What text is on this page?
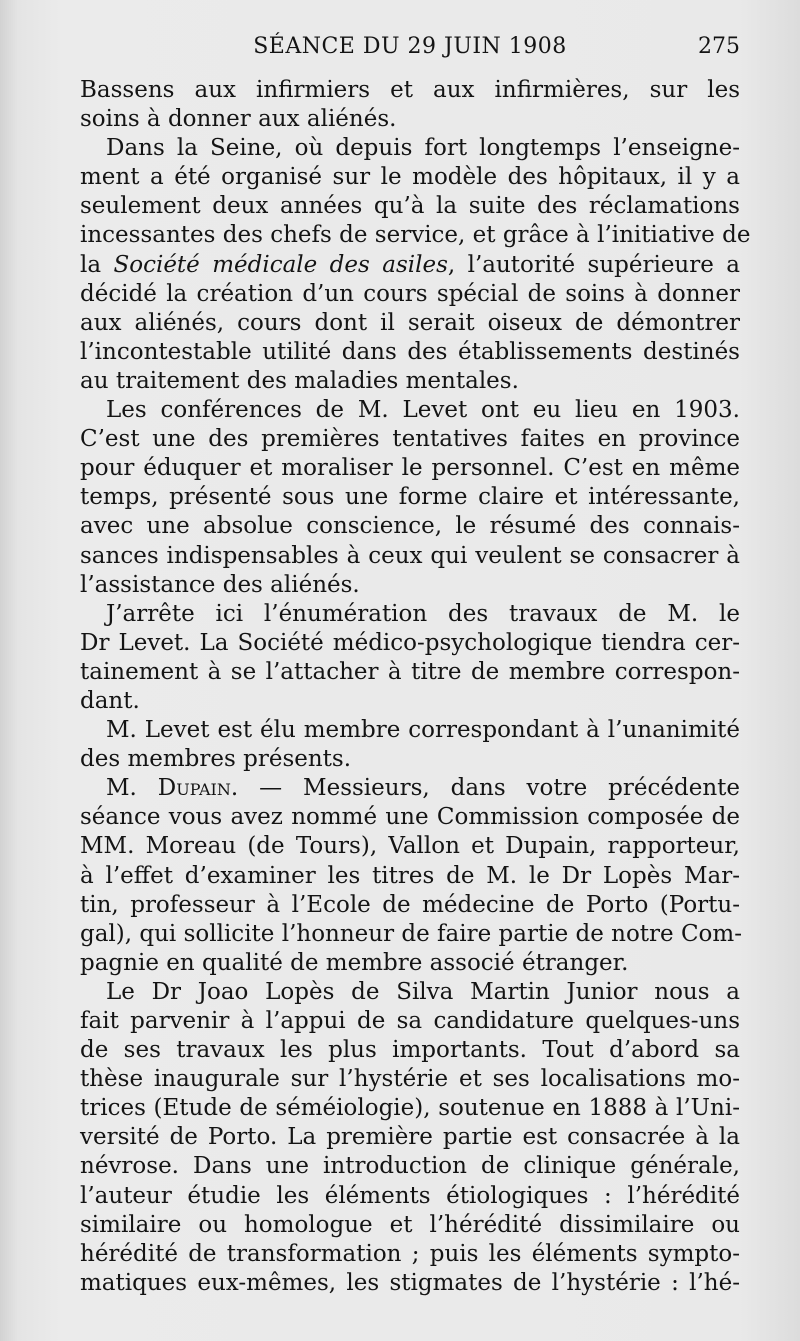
SÉANCE DU 29 JUIN 1908	275
Bassens aux infirmiers et aux infirmières, sur les
soins à donner aux aliénés.
Dans la Seine, où depuis fort longtemps l’enseigne-
ment a été organisé sur le modèle des hôpitaux, il y a
seulement deux années qu’à la suite des réclamations
incessantes des chefs de service, et grâce à l’initiative de
la Société médicale des asiles, l’autorité supérieure a
décidé la création d’un cours spécial de soins à donner
aux aliénés, cours dont il serait oiseux de démontrer
l’incontestable utilité dans des établissements destinés
au traitement des maladies mentales.
Les conférences de M. Levet ont eu lieu en 1903.
C’est une des premières tentatives faites en province
pour éduquer et moraliser le personnel. C’est en même
temps, présenté sous une forme claire et intéressante,
avec une absolue conscience, le résumé des connais-
sances indispensables à ceux qui veulent se consacrer à
l’assistance des aliénés.
J’arrête ici l’énumération des travaux de M. le
Dr Levet. La Société médico-psychologique tiendra cer-
tainement à se l’attacher à titre de membre correspon-
dant.
M. Levet est élu membre correspondant à l’unanimité
des membres présents.
M. Dupain. — Messieurs, dans votre précédente
séance vous avez nommé une Commission composée de
MM. Moreau (de Tours), Vallon et Dupain, rapporteur,
à l’effet d’examiner les titres de M. le Dr Lopès Mar-
tin, professeur à l’Ecole de médecine de Porto (Portu-
gal), qui sollicite l’honneur de faire partie de notre Com-
pagnie en qualité de membre associé étranger.
Le Dr Joao Lopès de Silva Martin Junior nous a
fait parvenir à l’appui de sa candidature quelques-uns
de ses travaux les plus importants. Tout d’abord sa
thèse inaugurale sur l’hystérie et ses localisations mo-
trices (Etude de séméiologie), soutenue en 1888 à l’Uni-
versité de Porto. La première partie est consacrée à la
névrose. Dans une introduction de clinique générale,
l’auteur étudie les éléments étiologiques : l’hérédité
similaire ou homologue et l’hérédité dissimilaire ou
hérédité de transformation ; puis les éléments sympto-
matiques eux-mêmes, les stigmates de l’hystérie : l’hé-
